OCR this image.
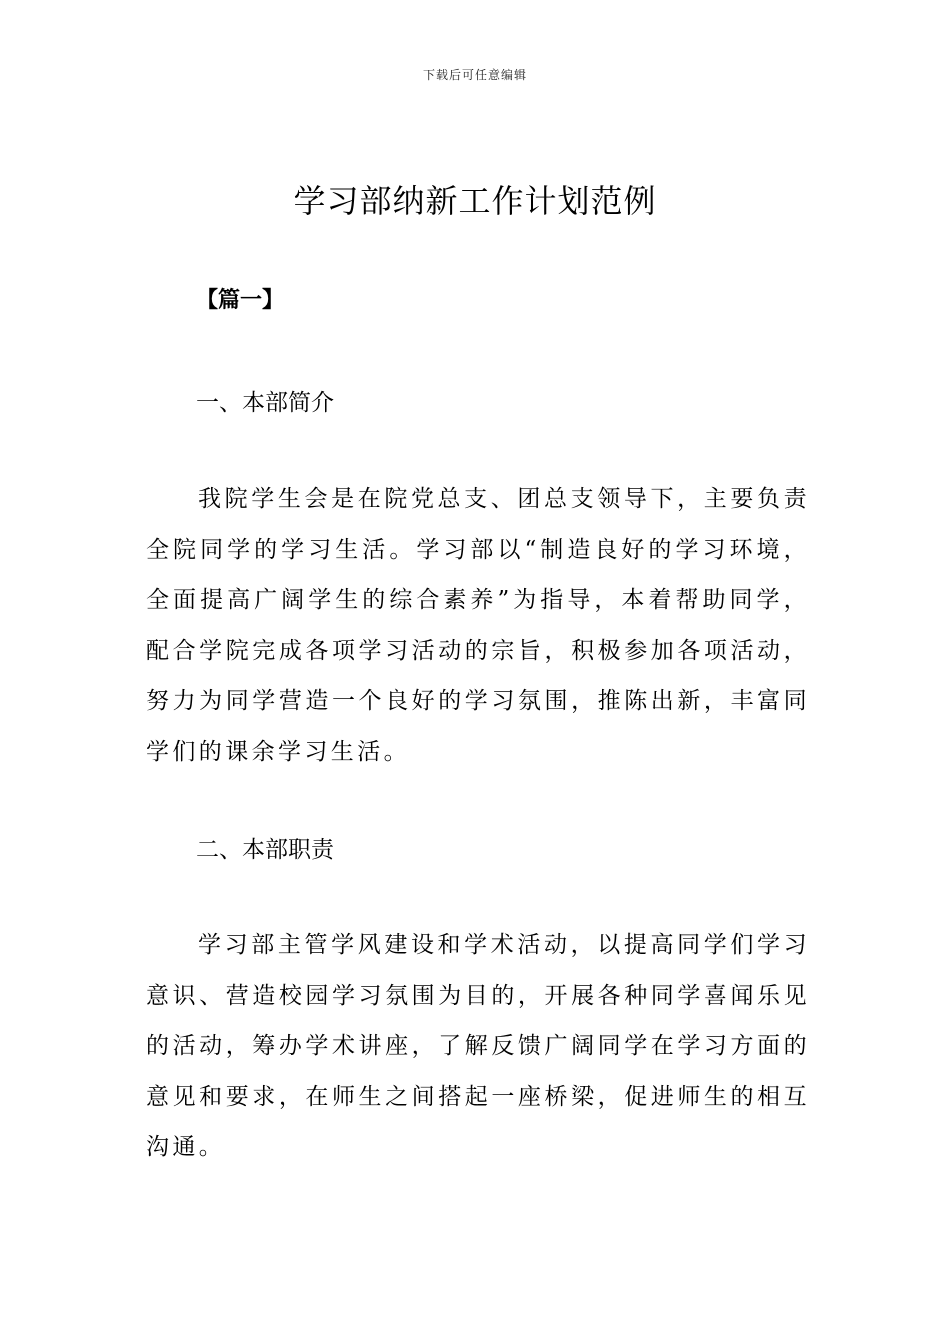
下载后可任意编辑
学习部纳新工作计划范例
【篇一】
一、本部简介

我院学生会是在院党总支、团总支领导下，主要负责全院同学的学习生活。学习部以“制造良好的学习环境，全面提高广阔学生的综合素养”为指导，本着帮助同学，配合学院完成各项学习活动的宗旨，积极参加各项活动，努力为同学营造一个良好的学习氛围，推陈出新，丰富同学们的课余学习生活。

二、本部职责

学习部主管学风建设和学术活动，以提高同学们学习意识、营造校园学习氛围为目的，开展各种同学喜闻乐见的活动，筹办学术讲座，了解反馈广阔同学在学习方面的意见和要求，在师生之间搭起一座桥梁，促进师生的相互沟通。
